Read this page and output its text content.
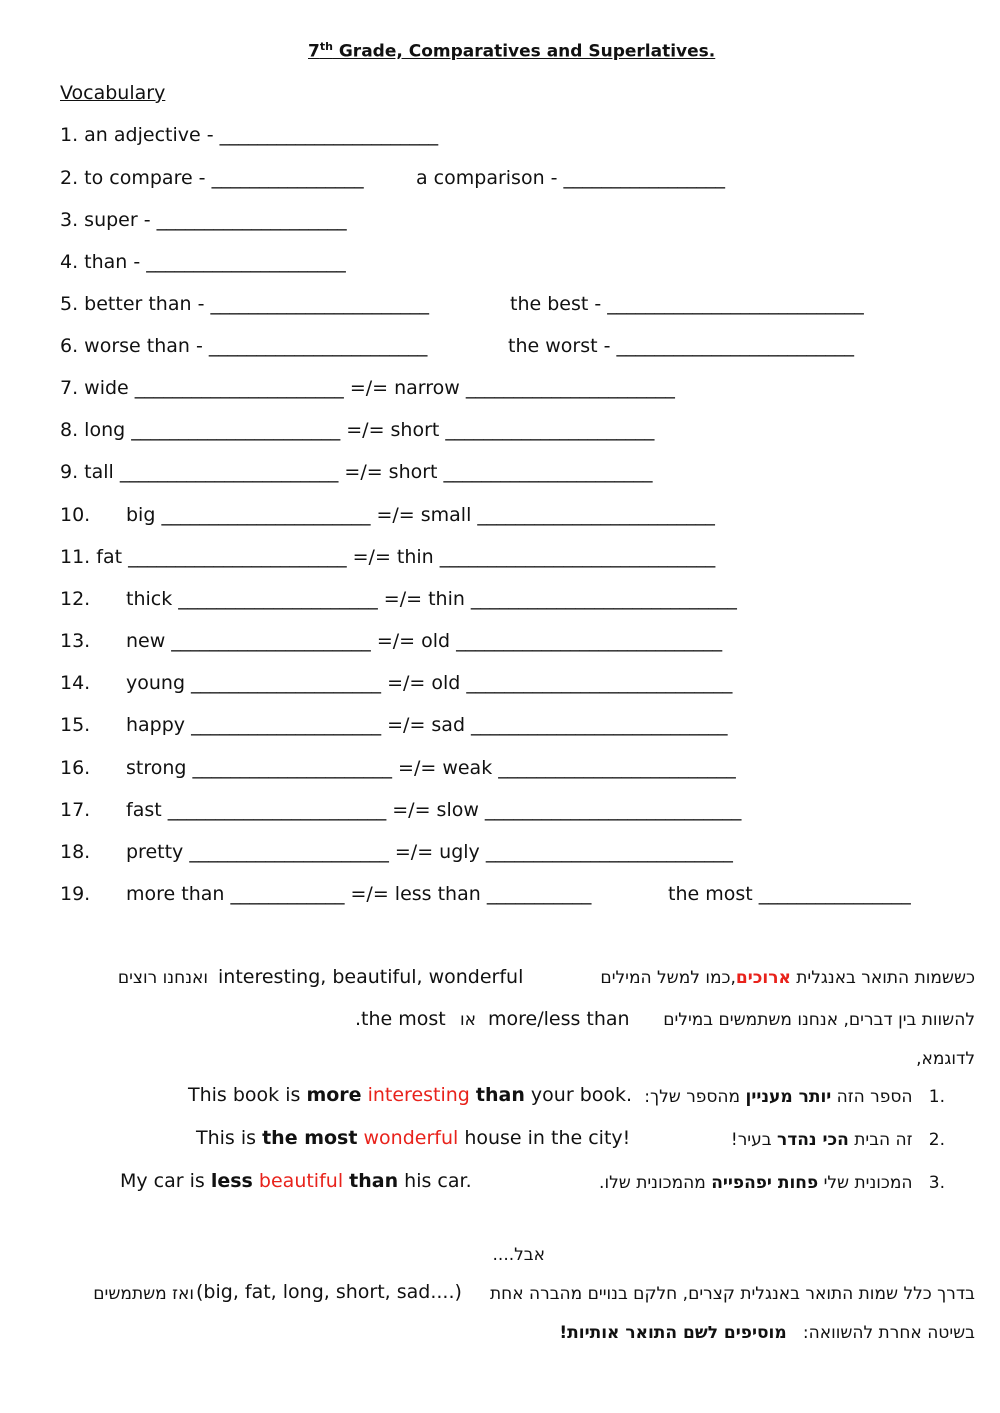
7th Grade, Comparatives and Superlatives.
Vocabulary
1. an adjective - _______________________
2. to compare - ________________	a comparison - _________________
3. super - ____________________
4. than - _____________________
5. better than - _______________________	the best - ___________________________
6. worse than - _______________________	the worst - _________________________
7. wide ______________________ =/= narrow ______________________
8. long ______________________ =/= short ______________________
9. tall _______________________ =/= short ______________________
10. big ______________________ =/= small _________________________
11. fat _______________________ =/= thin _____________________________
12. thick _____________________ =/= thin ____________________________
13. new _____________________ =/= old ____________________________
14. young ____________________ =/= old ____________________________
15. happy ____________________ =/= sad ___________________________
16. strong _____________________ =/= weak _________________________
17. fast _______________________ =/= slow ___________________________
18. pretty _____________________ =/= ugly __________________________
19. more than ____________ =/= less than ___________	the most ________________
כששמות התואר באנגלית ארוכים,כמו למשל המילים
interesting, beautiful, wonderful
ואנחנו רוצים
להשוות בין דברים, אנחנו משתמשים במילים
more/less than
או
.the most
לדוגמא,
.1   הספר הזה יותר מעניין מהספר שלך:
This book is more interesting than your book.
.2   זה הבית הכי נהדר בעיר!
This is the most wonderful house in the city!
.3   המכונית שלי פחות יפהפייה מהמכונית שלו.
My car is less beautiful than his car.
אבל....
בדרך כלל שמות התואר באנגלית קצרים, חלקם בנויים מהברה אחת
(big, fat, long, short, sad....)
ואז משתמשים
בשיטה אחרת להשוואה:   מוסיפים לשם התואר אותיות!
